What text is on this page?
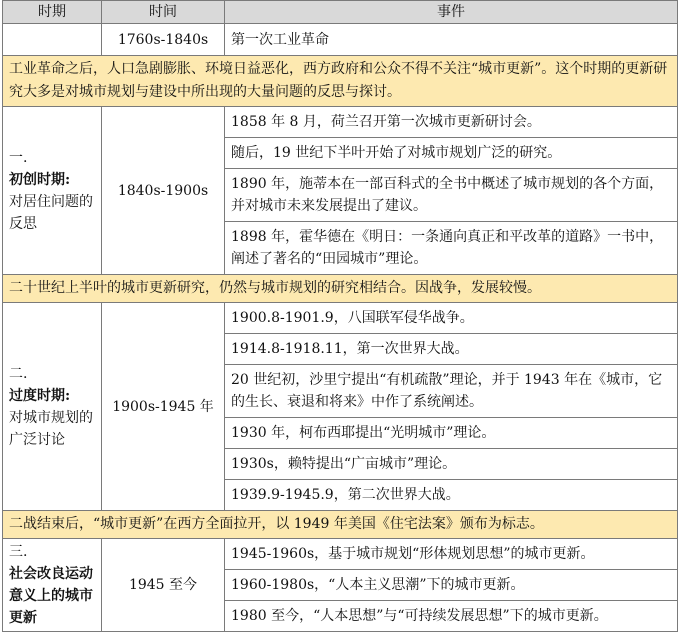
时期	时间	事件
	1760s-1840s	第一次工业革命
工业革命之后，人口急剧膨胀、环境日益恶化，西方政府和公众不得不关注“城市更新”。这个时期的更新研究大多是对城市规划与建设中所出现的大量问题的反思与探讨。		

一.
初创时期:
对居住问题的反思	1840s-1900s	1858 年 8 月，荷兰召开第一次城市更新研讨会。
		随后，19 世纪下半叶开始了对城市规划广泛的研究。
		1890 年，施蒂本在一部百科式的全书中概述了城市规划的各个方面，并对城市未来发展提出了建议。
		1898 年，霍华德在《明日：一条通向真正和平改革的道路》一书中，阐述了著名的“田园城市”理论。
二十世纪上半叶的城市更新研究，仍然与城市规划的研究相结合。因战争，发展较慢。		

二.
过度时期:
对城市规划的广泛讨论	1900s-1945 年	1900.8-1901.9，八国联军侵华战争。
		1914.8-1918.11，第一次世界大战。
		20 世纪初，沙里宁提出“有机疏散”理论，并于 1943 年在《城市，它的生长、衰退和将来》中作了系统阐述。
		1930 年，柯布西耶提出“光明城市”理论。
		1930s，赖特提出“广亩城市”理论。
		1939.9-1945.9，第二次世界大战。
二战结束后，“城市更新”在西方全面拉开，以 1949 年美国《住宅法案》颁布为标志。		

三.
社会改良运动意义上的城市更新	1945 至今	1945-1960s，基于城市规划“形体规划思想”的城市更新。
		1960-1980s，“人本主义思潮”下的城市更新。
		1980 至今，“人本思想”与“可持续发展思想”下的城市更新。
